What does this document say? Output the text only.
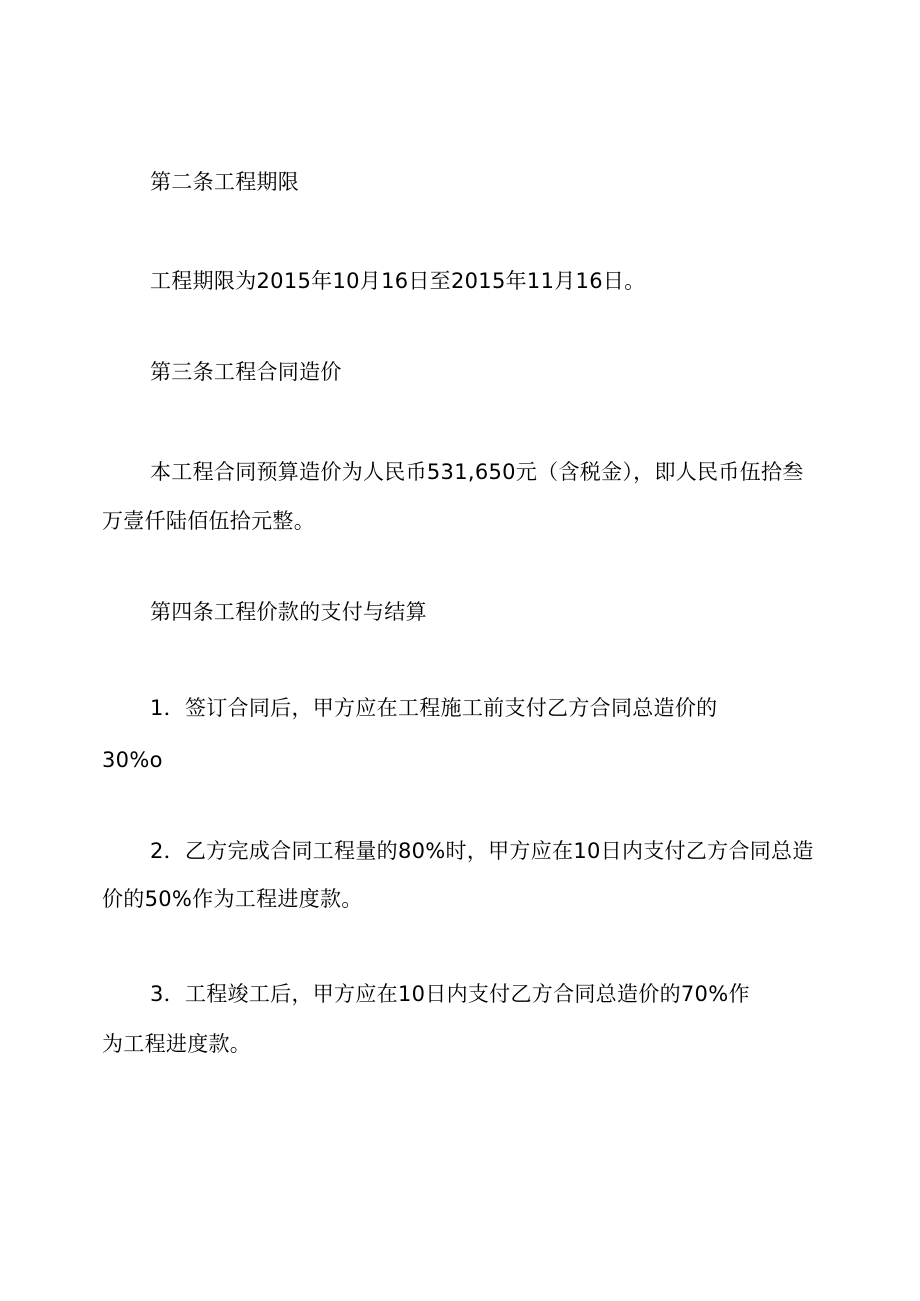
第二条工程期限
工程期限为2015年10月16日至2015年11月16日。
第三条工程合同造价
本工程合同预算造价为人民币531,650元（含税金），即人民币伍拾叁
万壹仟陆佰伍拾元整。
第四条工程价款的支付与结算
1．签订合同后，甲方应在工程施工前支付乙方合同总造价的
30%o
2．乙方完成合同工程量的80%时，甲方应在10日内支付乙方合同总造
价的50%作为工程进度款。
3．工程竣工后，甲方应在10日内支付乙方合同总造价的70%作
为工程进度款。
